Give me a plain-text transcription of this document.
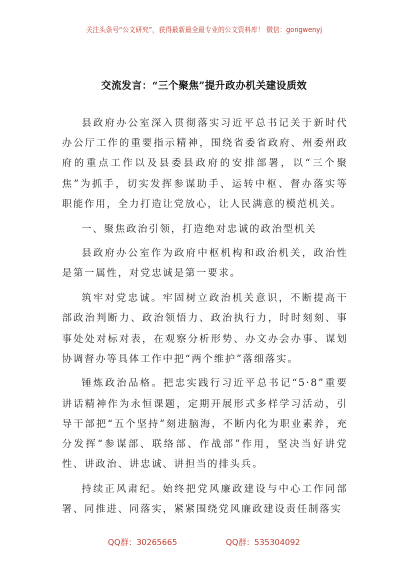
关注头条号“公文研究”，获得最新最全最专业的公文资料库！ 微信：gongwenyj
交流发言：“三个聚焦”提升政办机关建设质效

县政府办公室深入贯彻落实习近平总书记关于新时代办公厅工作的重要指示精神，围绕省委省政府、州委州政府的重点工作以及县委县政府的安排部署，以“三个聚焦”为抓手，切实发挥参谋助手、运转中枢、督办落实等职能作用，全力打造让党放心，让人民满意的模范机关。

一、聚焦政治引领，打造绝对忠诚的政治型机关

县政府办公室作为政府中枢机构和政治机关，政治性是第一属性，对党忠诚是第一要求。

筑牢对党忠诚。牢固树立政治机关意识，不断提高干部政治判断力、政治领悟力、政治执行力，时时刻刻、事事处处对标对表，在观察分析形势、办文办会办事、谋划协调督办等具体工作中把“两个维护”落细落实。

锤炼政治品格。把忠实践行习近平总书记“5·8”重要讲话精神作为永恒课题，定期开展形式多样学习活动，引导干部把“五个坚持”刻进脑海，不断内化为职业素养，充分发挥“参谋部、联络部、作战部”作用，坚决当好讲党性、讲政治、讲忠诚、讲担当的排头兵。

持续正风肃纪。始终把党风廉政建设与中心工作同部署、同推进、同落实，紧紧围绕党风廉政建设责任制落实

QQ群：30265665	QQ群：535304092
